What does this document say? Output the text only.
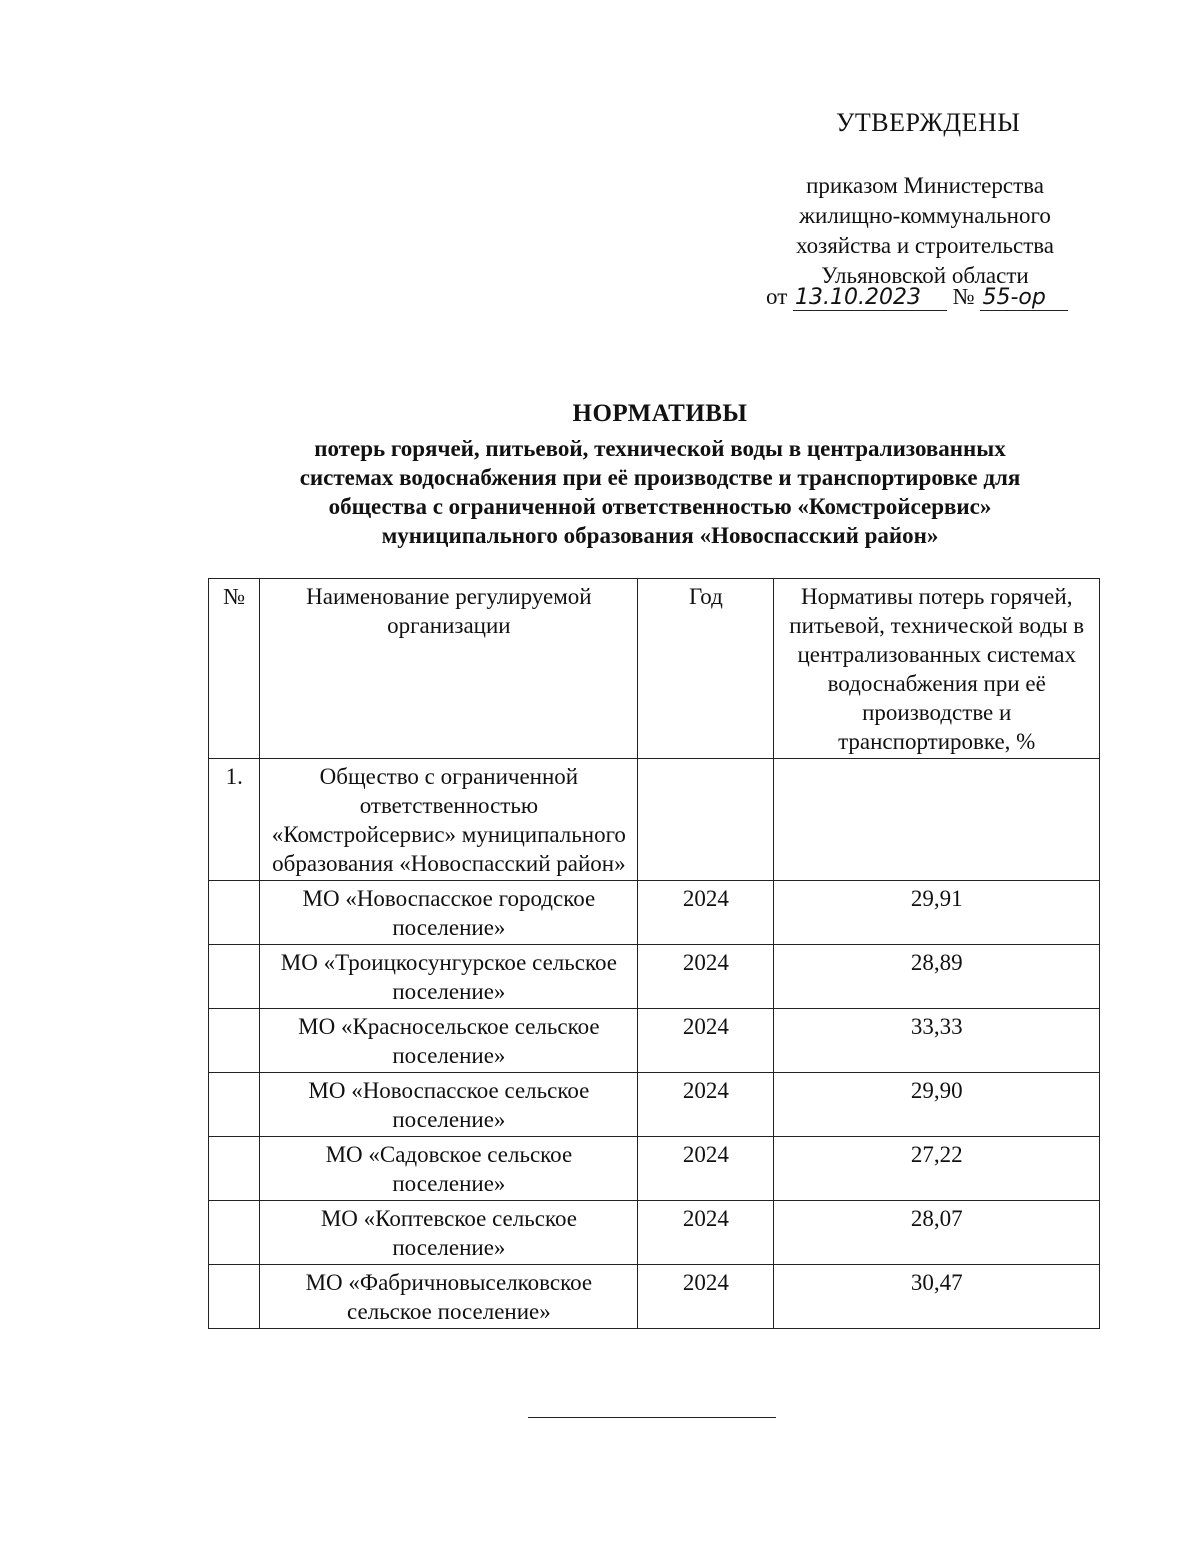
УТВЕРЖДЕНЫ
приказом Министерства
жилищно-коммунального
хозяйства и строительства
Ульяновской области
от 13.10.2023 № 55-ор
НОРМАТИВЫ
потерь горячей, питьевой, технической воды в централизованных
системах водоснабжения при её производстве и транспортировке для
общества с ограниченной ответственностью «Комстройсервис»
муниципального образования «Новоспасский район»
№	Наименование регулируемой организации	Год	Нормативы потерь горячей, питьевой, технической воды в централизованных системах водоснабжения при её производстве и транспортировке, %
1.	Общество с ограниченной ответственностью «Комстройсервис» муниципального образования «Новоспасский район»		
	МО «Новоспасское городское поселение»	2024	29,91
	МО «Троицкосунгурское сельское поселение»	2024	28,89
	МО «Красносельское сельское поселение»	2024	33,33
	МО «Новоспасское сельское поселение»	2024	29,90
	МО «Садовское сельское поселение»	2024	27,22
	МО «Коптевское сельское поселение»	2024	28,07
	МО «Фабричновыселковское сельское поселение»	2024	30,47
